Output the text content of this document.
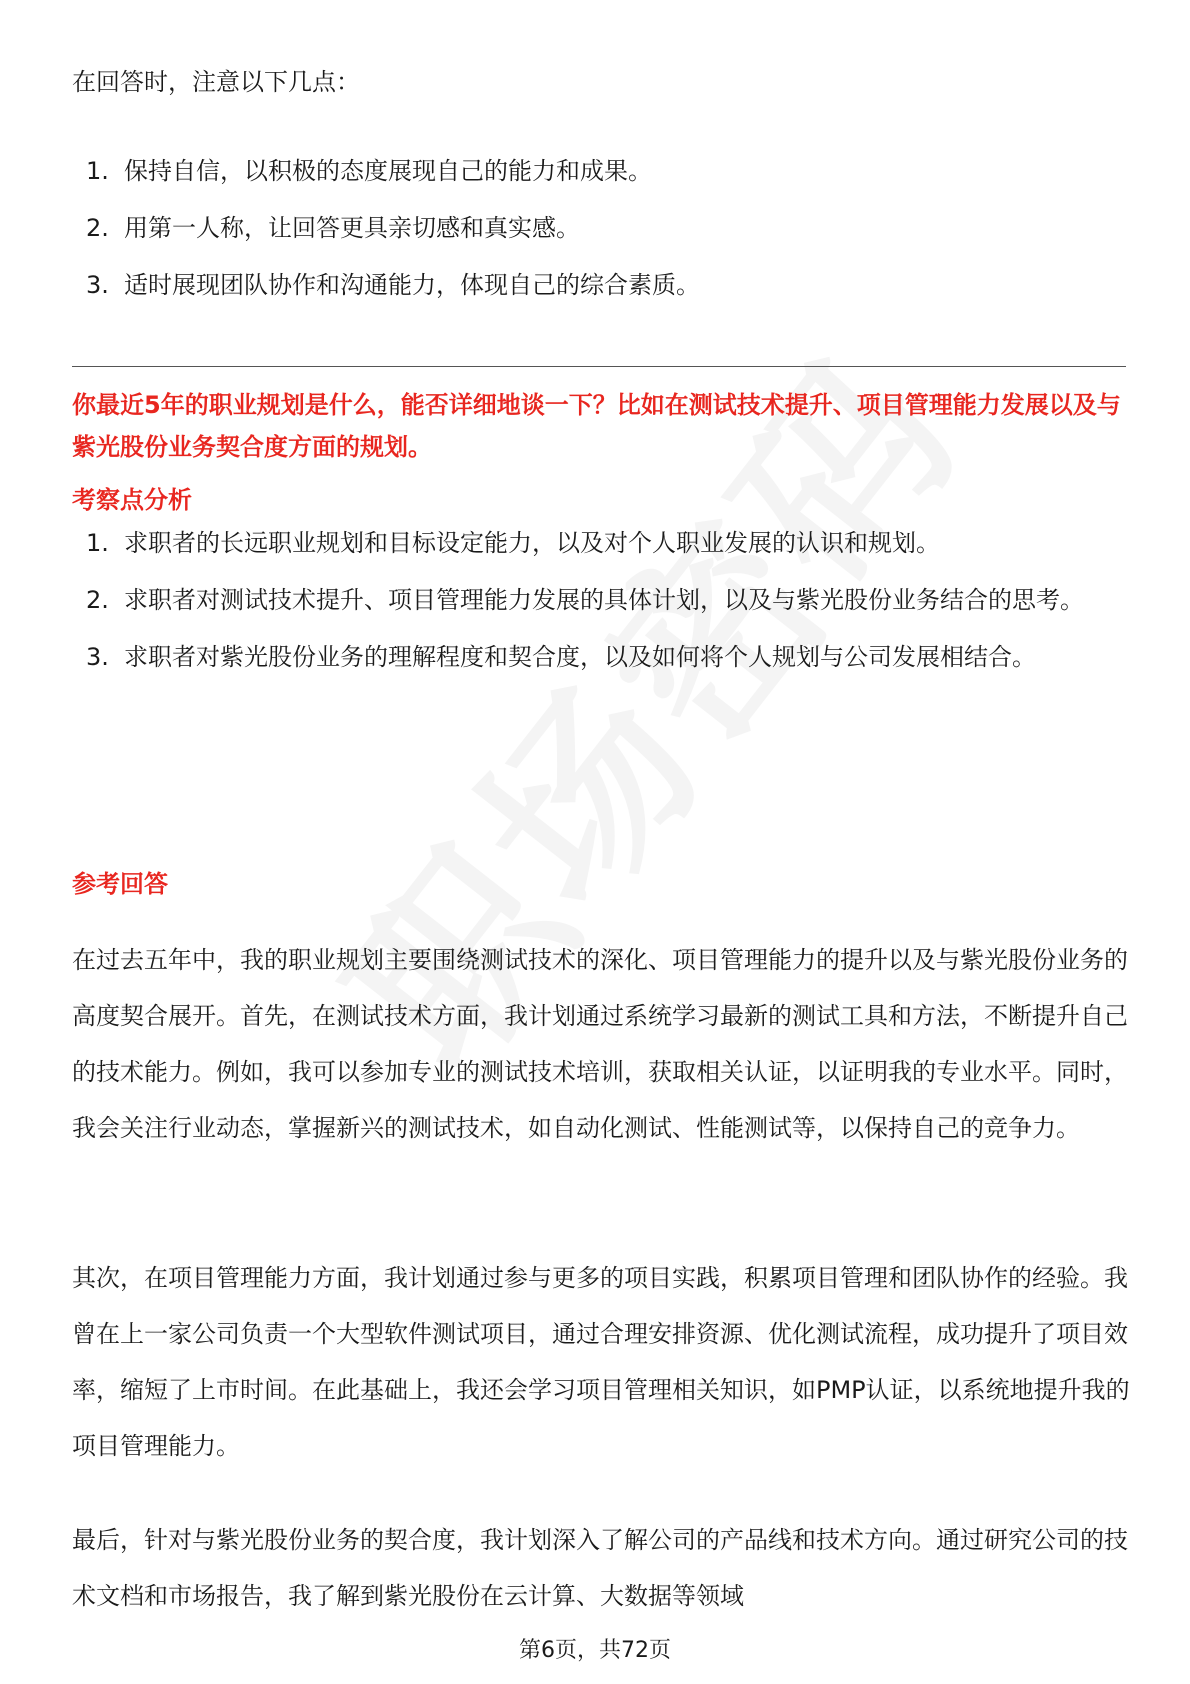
在回答时，注意以下几点：

1. 保持自信，以积极的态度展现自己的能力和成果。
2. 用第一人称，让回答更具亲切感和真实感。
3. 适时展现团队协作和沟通能力，体现自己的综合素质。

你最近5年的职业规划是什么，能否详细地谈一下？比如在测试技术提升、项目管理能力发展以及与紫光股份业务契合度方面的规划。

考察点分析
1. 求职者的长远职业规划和目标设定能力，以及对个人职业发展的认识和规划。
2. 求职者对测试技术提升、项目管理能力发展的具体计划，以及与紫光股份业务结合的思考。
3. 求职者对紫光股份业务的理解程度和契合度，以及如何将个人规划与公司发展相结合。
参考回答

在过去五年中，我的职业规划主要围绕测试技术的深化、项目管理能力的提升以及与紫光股份业务的高度契合展开。首先，在测试技术方面，我计划通过系统学习最新的测试工具和方法，不断提升自己的技术能力。例如，我可以参加专业的测试技术培训，获取相关认证，以证明我的专业水平。同时，我会关注行业动态，掌握新兴的测试技术，如自动化测试、性能测试等，以保持自己的竞争力。

其次，在项目管理能力方面，我计划通过参与更多的项目实践，积累项目管理和团队协作的经验。我曾在上一家公司负责一个大型软件测试项目，通过合理安排资源、优化测试流程，成功提升了项目效率，缩短了上市时间。在此基础上，我还会学习项目管理相关知识，如PMP认证，以系统地提升我的项目管理能力。

最后，针对与紫光股份业务的契合度，我计划深入了解公司的产品线和技术方向。通过研究公司的技术文档和市场报告，我了解到紫光股份在云计算、大数据等领域

第6页，共72页
